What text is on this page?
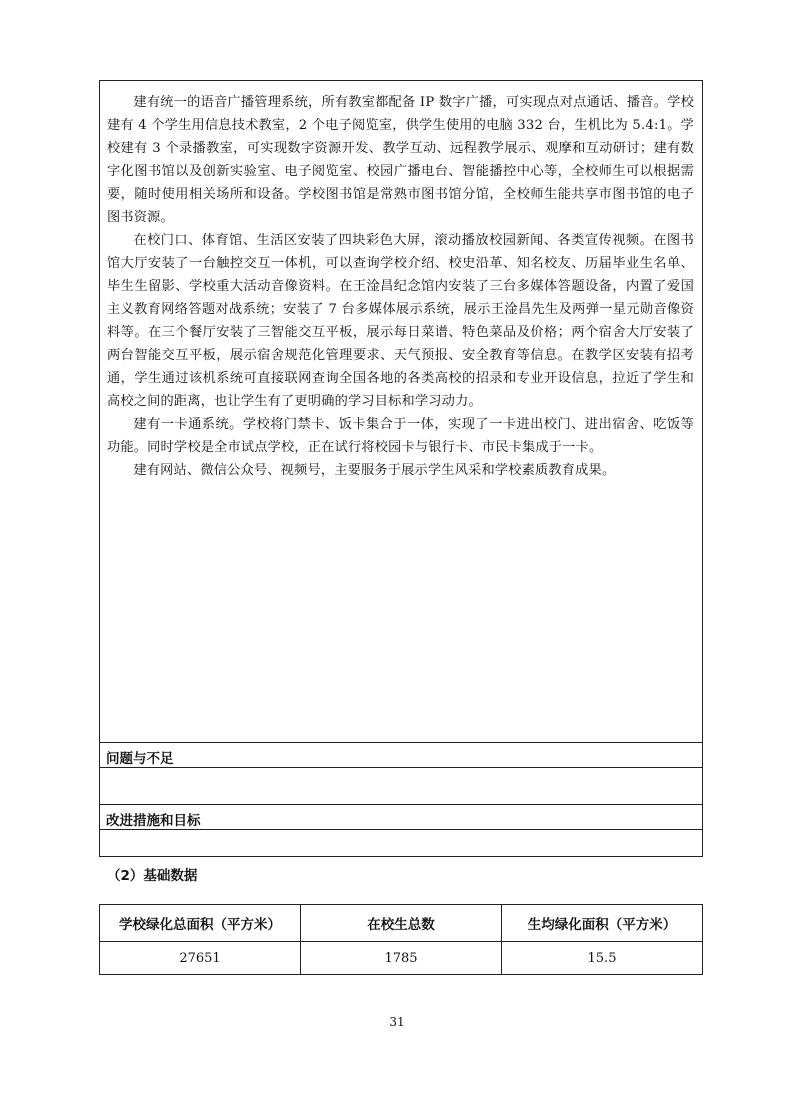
建有统一的语音广播管理系统，所有教室都配备 IP 数字广播，可实现点对点通话、播音。学校建有 4 个学生用信息技术教室，2 个电子阅览室，供学生使用的电脑 332 台，生机比为 5.4:1。学校建有 3 个录播教室，可实现数字资源开发、教学互动、远程教学展示、观摩和互动研讨；建有数字化图书馆以及创新实验室、电子阅览室、校园广播电台、智能播控中心等，全校师生可以根据需要，随时使用相关场所和设备。学校图书馆是常熟市图书馆分馆，全校师生能共享市图书馆的电子图书资源。

在校门口、体育馆、生活区安装了四块彩色大屏，滚动播放校园新闻、各类宣传视频。在图书馆大厅安装了一台触控交互一体机，可以查询学校介绍、校史沿革、知名校友、历届毕业生名单、毕生生留影、学校重大活动音像资料。在王淦昌纪念馆内安装了三台多媒体答题设备，内置了爱国主义教育网络答题对战系统；安装了 7 台多媒体展示系统，展示王淦昌先生及两弹一星元勋音像资料等。在三个餐厅安装了三智能交互平板，展示每日菜谱、特色菜品及价格；两个宿舍大厅安装了两台智能交互平板，展示宿舍规范化管理要求、天气预报、安全教育等信息。在教学区安装有招考通，学生通过该机系统可直接联网查询全国各地的各类高校的招录和专业开设信息，拉近了学生和高校之间的距离，也让学生有了更明确的学习目标和学习动力。

建有一卡通系统。学校将门禁卡、饭卡集合于一体，实现了一卡进出校门、进出宿舍、吃饭等功能。同时学校是全市试点学校，正在试行将校园卡与银行卡、市民卡集成于一卡。

建有网站、微信公众号、视频号，主要服务于展示学生风采和学校素质教育成果。

问题与不足

改进措施和目标

（2）基础数据
学校绿化总面积（平方米）	在校生总数	生均绿化面积（平方米）
27651	1785	15.5
31
